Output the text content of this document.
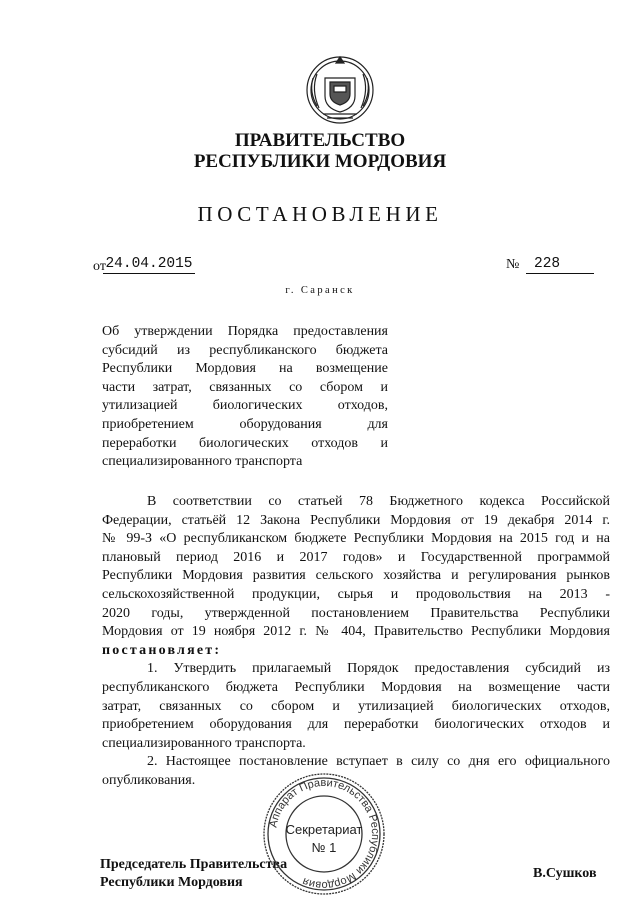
ПРАВИТЕЛЬСТВО
РЕСПУБЛИКИ МОРДОВИЯ
ПОСТАНОВЛЕНИЕ
от 24.04.2015	№	228
г. Саранск
Об утверждении Порядка предоставления
субсидий из республиканского бюджета
Республики Мордовия на возмещение
части затрат, связанных со сбором и
утилизацией биологических отходов,
приобретением оборудования для
переработки биологических отходов и
специализированного транспорта
В соответствии со статьей 78 Бюджетного кодекса Российской
Федерации, статьёй 12 Закона Республики Мордовия от 19 декабря 2014 г.
№ 99-З «О республиканском бюджете Республики Мордовия на 2015 год и на
плановый период 2016 и 2017 годов» и Государственной программой
Республики Мордовия развития сельского хозяйства и регулирования рынков
сельскохозяйственной продукции, сырья и продовольствия на 2013 -
2020 годы, утвержденной постановлением Правительства Республики
Мордовия от 19 ноября 2012 г. № 404, Правительство Республики Мордовия
постановляет:
1. Утвердить прилагаемый Порядок предоставления субсидий из
республиканского бюджета Республики Мордовия на возмещение части
затрат, связанных со сбором и утилизацией биологических отходов,
приобретением оборудования для переработки биологических отходов и
специализированного транспорта.
2. Настоящее постановление вступает в силу со дня его официального
опубликования.
Председатель Правительства
Республики Мордовия
В.Сушков
Аппарат Правительства Республики Мордовия
Секретариат
№ 1
